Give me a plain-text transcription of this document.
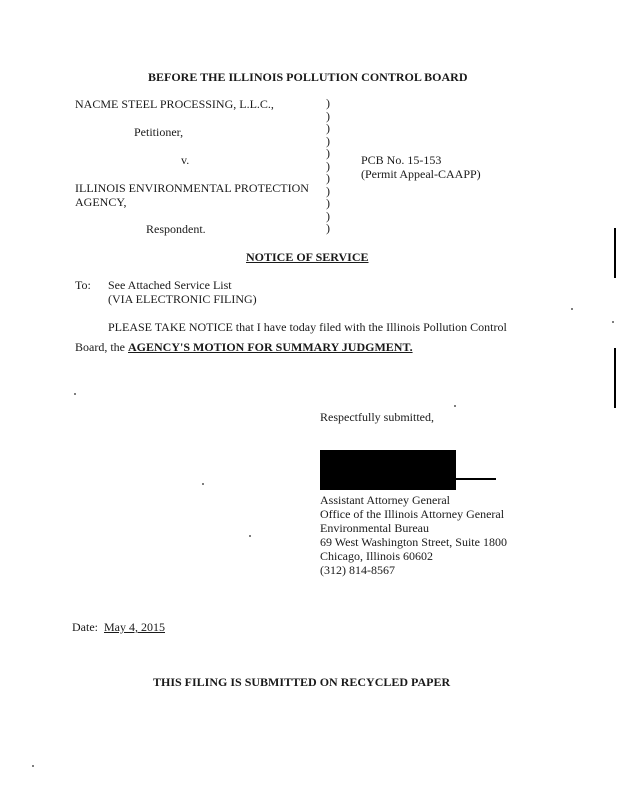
BEFORE THE ILLINOIS POLLUTION CONTROL BOARD
NACME STEEL PROCESSING, L.L.C.,
Petitioner,
v.
ILLINOIS ENVIRONMENTAL PROTECTION
AGENCY,
Respondent.
)
)
)
)
)
)
)
)
)
)
)
PCB No. 15-153
(Permit Appeal-CAAPP)
NOTICE OF SERVICE
To: See Attached Service List
(VIA ELECTRONIC FILING)
PLEASE TAKE NOTICE that I have today filed with the Illinois Pollution Control
Board, the AGENCY'S MOTION FOR SUMMARY JUDGMENT.
Respectfully submitted,
Assistant Attorney General
Office of the Illinois Attorney General
Environmental Bureau
69 West Washington Street, Suite 1800
Chicago, Illinois 60602
(312) 814-8567
Date: May 4, 2015
THIS FILING IS SUBMITTED ON RECYCLED PAPER
